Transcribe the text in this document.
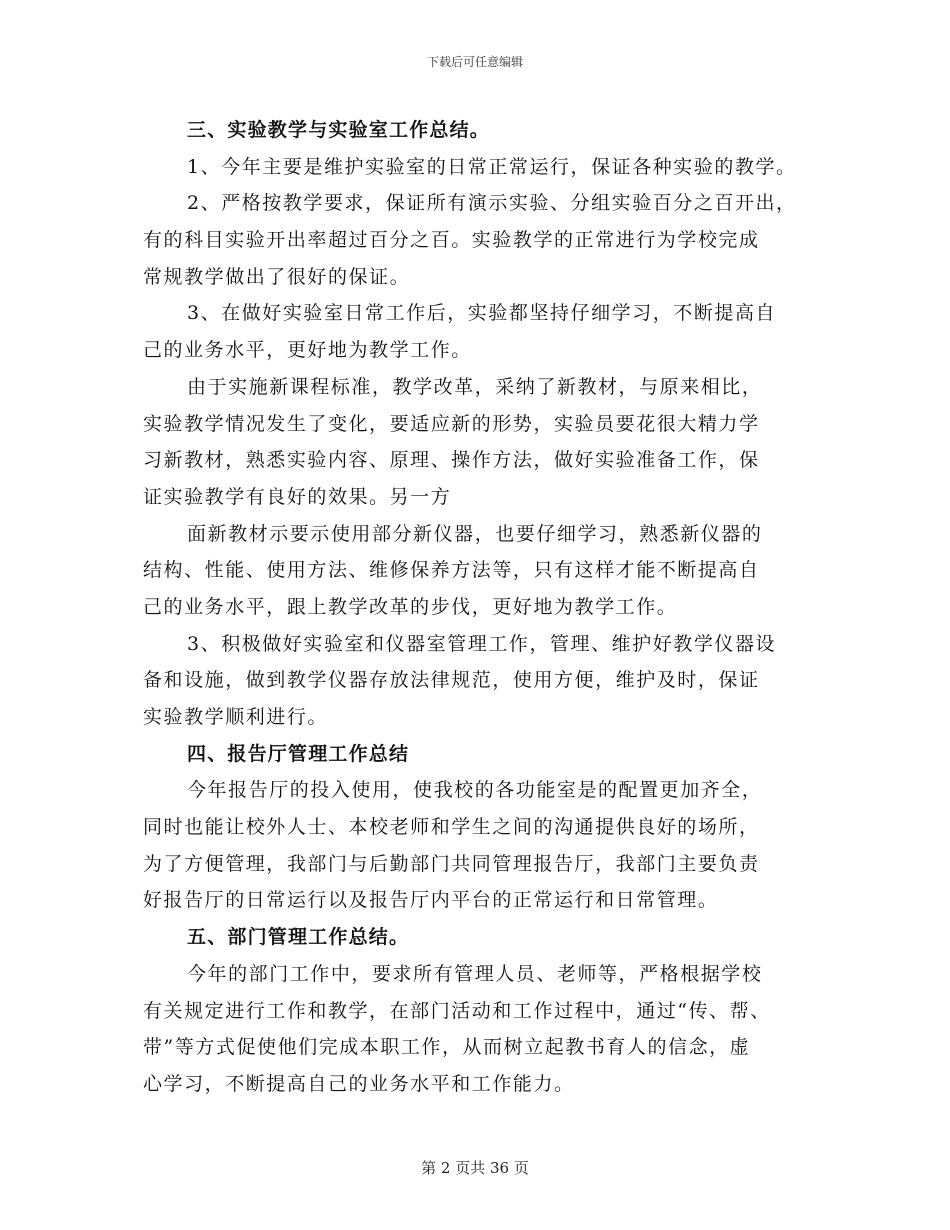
下载后可任意编辑
三、实验教学与实验室工作总结。
1、今年主要是维护实验室的日常正常运行，保证各种实验的教学。
2、严格按教学要求，保证所有演示实验、分组实验百分之百开出，
有的科目实验开出率超过百分之百。实验教学的正常进行为学校完成
常规教学做出了很好的保证。
3、在做好实验室日常工作后，实验都坚持仔细学习，不断提高自
己的业务水平，更好地为教学工作。
由于实施新课程标准，教学改革，采纳了新教材，与原来相比，
实验教学情况发生了变化，要适应新的形势，实验员要花很大精力学
习新教材，熟悉实验内容、原理、操作方法，做好实验准备工作，保
证实验教学有良好的效果。另一方
面新教材示要示使用部分新仪器，也要仔细学习，熟悉新仪器的
结构、性能、使用方法、维修保养方法等，只有这样才能不断提高自
己的业务水平，跟上教学改革的步伐，更好地为教学工作。
3、积极做好实验室和仪器室管理工作，管理、维护好教学仪器设
备和设施，做到教学仪器存放法律规范，使用方便，维护及时，保证
实验教学顺利进行。
四、报告厅管理工作总结
今年报告厅的投入使用，使我校的各功能室是的配置更加齐全，
同时也能让校外人士、本校老师和学生之间的沟通提供良好的场所，
为了方便管理，我部门与后勤部门共同管理报告厅，我部门主要负责
好报告厅的日常运行以及报告厅内平台的正常运行和日常管理。
五、部门管理工作总结。
今年的部门工作中，要求所有管理人员、老师等，严格根据学校
有关规定进行工作和教学，在部门活动和工作过程中，通过“传、帮、
带”等方式促使他们完成本职工作，从而树立起教书育人的信念，虚
心学习，不断提高自己的业务水平和工作能力。
第 2 页共 36 页
